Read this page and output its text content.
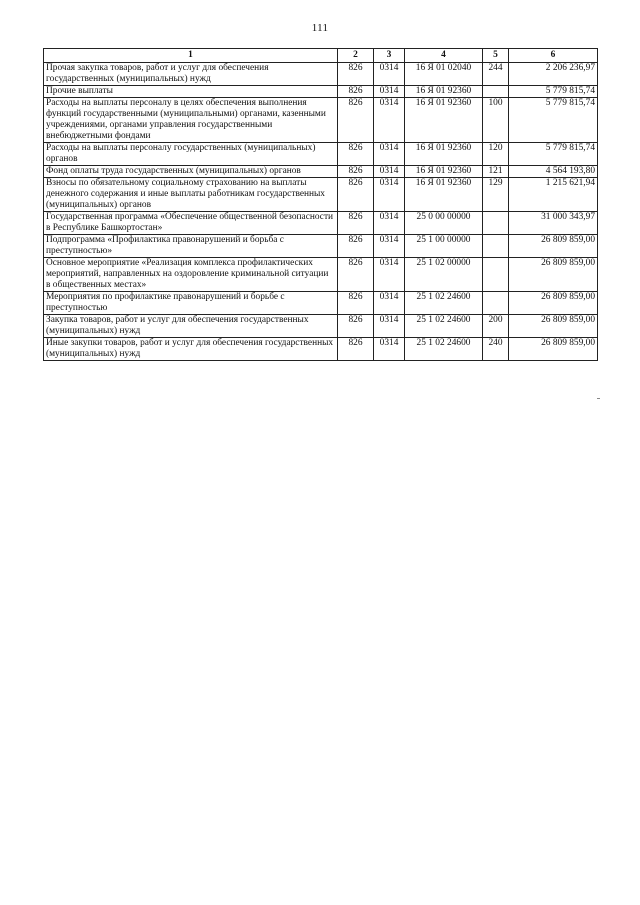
111
1	2	3	4	5	6
Прочая закупка товаров, работ и услуг для обеспечения государственных (муниципальных) нужд	826	0314	16 Я 01 02040	244	2 206 236,97
Прочие выплаты	826	0314	16 Я 01 92360		5 779 815,74
Расходы на выплаты персоналу в целях обеспечения выполнения функций государственными (муниципальными) органами, казенными учреждениями, органами управления государственными внебюджетными фондами	826	0314	16 Я 01 92360	100	5 779 815,74
Расходы на выплаты персоналу государственных (муниципальных) органов	826	0314	16 Я 01 92360	120	5 779 815,74
Фонд оплаты труда государственных (муниципальных) органов	826	0314	16 Я 01 92360	121	4 564 193,80
Взносы по обязательному социальному страхованию на выплаты денежного содержания и иные выплаты работникам государственных (муниципальных) органов	826	0314	16 Я 01 92360	129	1 215 621,94
Государственная программа «Обеспечение общественной безопасности в Республике Башкортостан»	826	0314	25 0 00 00000		31 000 343,97
Подпрограмма «Профилактика правонарушений и борьба с преступностью»	826	0314	25 1 00 00000		26 809 859,00
Основное мероприятие «Реализация комплекса профилактических мероприятий, направленных на оздоровление криминальной ситуации в общественных местах»	826	0314	25 1 02 00000		26 809 859,00
Мероприятия по профилактике правонарушений и борьбе с преступностью	826	0314	25 1 02 24600		26 809 859,00
Закупка товаров, работ и услуг для обеспечения государственных (муниципальных) нужд	826	0314	25 1 02 24600	200	26 809 859,00
Иные закупки товаров, работ и услуг для обеспечения государственных (муниципальных) нужд	826	0314	25 1 02 24600	240	26 809 859,00
